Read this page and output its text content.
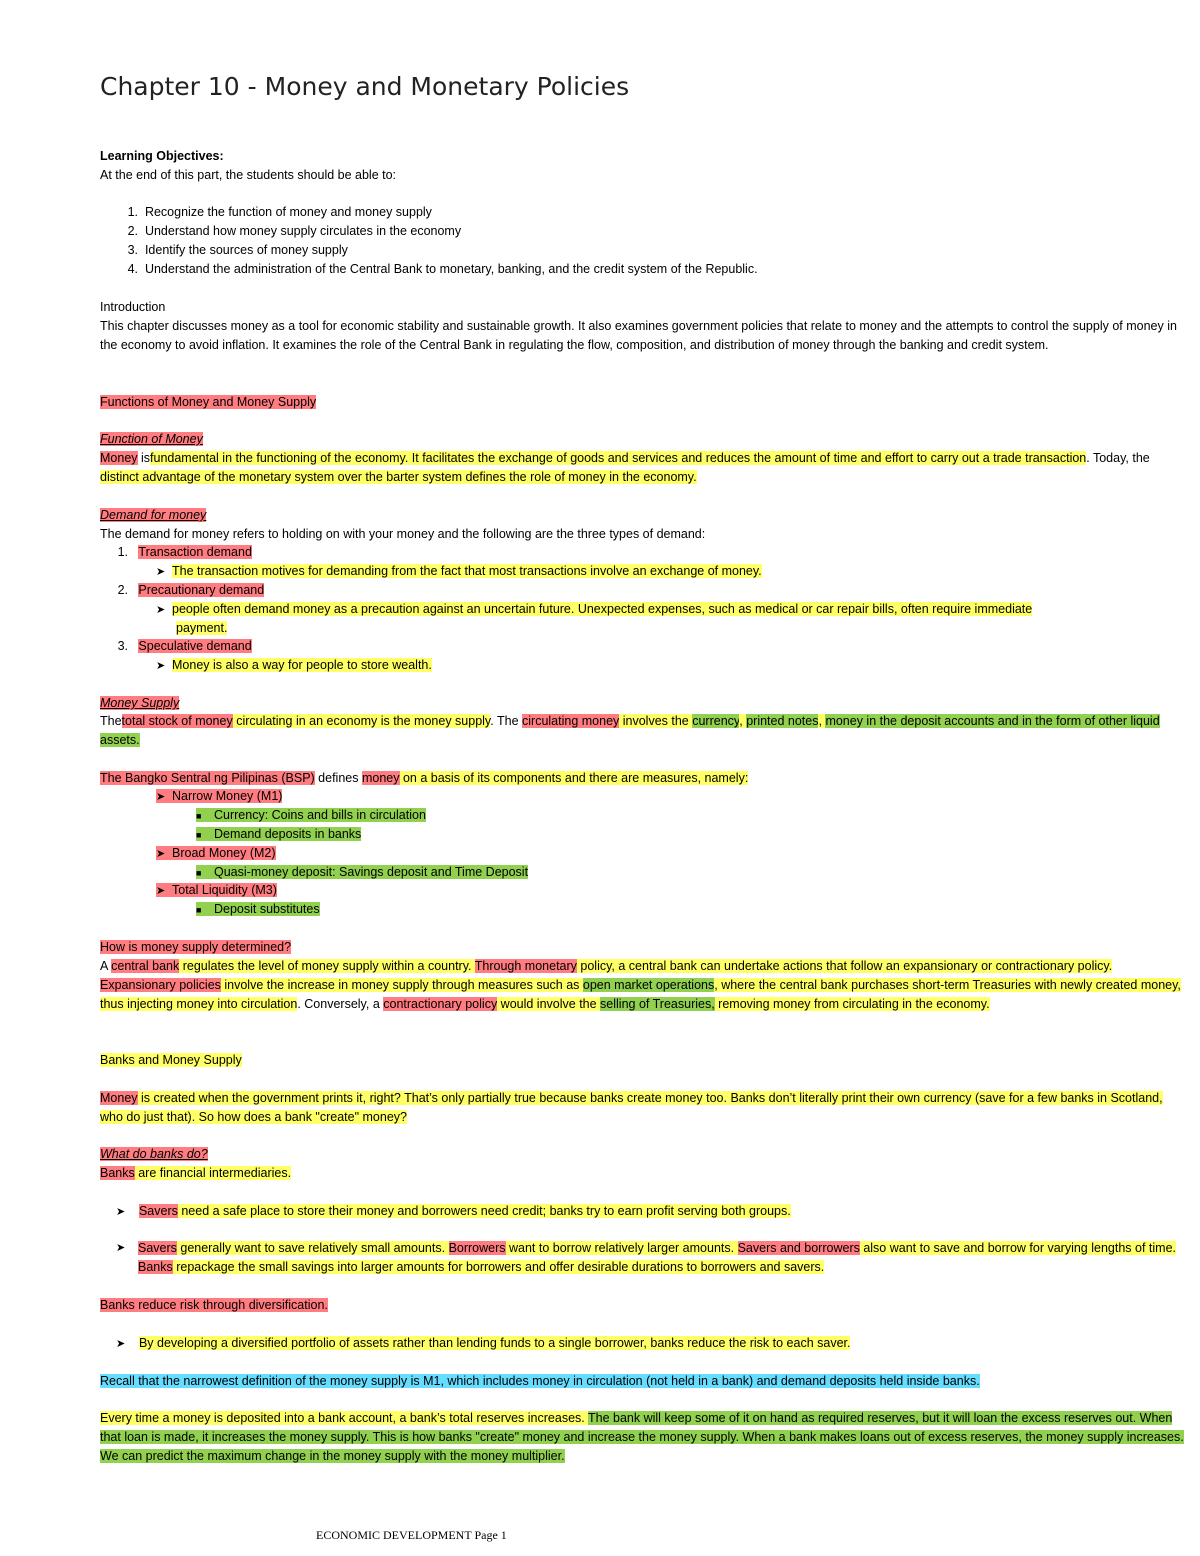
Chapter 10 - Money and Monetary Policies
Learning Objectives:
At the end of this part, the students should be able to:
1. Recognize the function of money and money supply
2. Understand how money supply circulates in the economy
3. Identify the sources of money supply
4. Understand the administration of the Central Bank to monetary, banking, and the credit system of the Republic.
Introduction
This chapter discusses money as a tool for economic stability and sustainable growth. It also examines government policies that relate to money and the attempts to control the supply of money in the economy to avoid inflation. It examines the role of the Central Bank in regulating the flow, composition, and distribution of money through the banking and credit system.
Functions of Money and Money Supply
Function of Money
Money isfundamental in the functioning of the economy. It facilitates the exchange of goods and services and reduces the amount of time and effort to carry out a trade transaction. Today, the distinct advantage of the monetary system over the barter system defines the role of money in the economy.
Demand for money
The demand for money refers to holding on with your money and the following are the three types of demand:
1. Transaction demand
➤ The transaction motives for demanding from the fact that most transactions involve an exchange of money.
2. Precautionary demand
➤ people often demand money as a precaution against an uncertain future. Unexpected expenses, such as medical or car repair bills, often require immediate
payment.
3. Speculative demand
➤ Money is also a way for people to store wealth.
Money Supply
Thetotal stock of money circulating in an economy is the money supply. The circulating money involves the currency, printed notes, money in the deposit accounts and in the form of other liquid assets.
The Bangko Sentral ng Pilipinas (BSP) defines money on a basis of its components and there are measures, namely:
➤ Narrow Money (M1)
■ Currency: Coins and bills in circulation
■ Demand deposits in banks
➤ Broad Money (M2)
■ Quasi-money deposit: Savings deposit and Time Deposit
➤ Total Liquidity (M3)
■ Deposit substitutes
How is money supply determined?
A central bank regulates the level of money supply within a country. Through monetary policy, a central bank can undertake actions that follow an expansionary or contractionary policy. Expansionary policies involve the increase in money supply through measures such as open market operations, where the central bank purchases short-term Treasuries with newly created money, thus injecting money into circulation. Conversely, a contractionary policy would involve the selling of Treasuries, removing money from circulating in the economy.
Banks and Money Supply
Money is created when the government prints it, right? That’s only partially true because banks create money too. Banks don’t literally print their own currency (save for a few banks in Scotland, who do just that). So how does a bank "create" money?
What do banks do?
Banks are financial intermediaries.
➤ Savers need a safe place to store their money and borrowers need credit; banks try to earn profit serving both groups.
➤	Savers generally want to save relatively small amounts. Borrowers want to borrow relatively larger amounts. Savers and borrowers also want to save and borrow for varying lengths of time. Banks repackage the small savings into larger amounts for borrowers and offer desirable durations to borrowers and savers.
Banks reduce risk through diversification.
➤ By developing a diversified portfolio of assets rather than lending funds to a single borrower, banks reduce the risk to each saver.
Recall that the narrowest definition of the money supply is M1, which includes money in circulation (not held in a bank) and demand deposits held inside banks.
Every time a money is deposited into a bank account, a bank’s total reserves increases. The bank will keep some of it on hand as required reserves, but it will loan the excess reserves out. When that loan is made, it increases the money supply. This is how banks "create" money and increase the money supply. When a bank makes loans out of excess reserves, the money supply increases. We can predict the maximum change in the money supply with the money multiplier.
ECONOMIC DEVELOPMENT Page 1
